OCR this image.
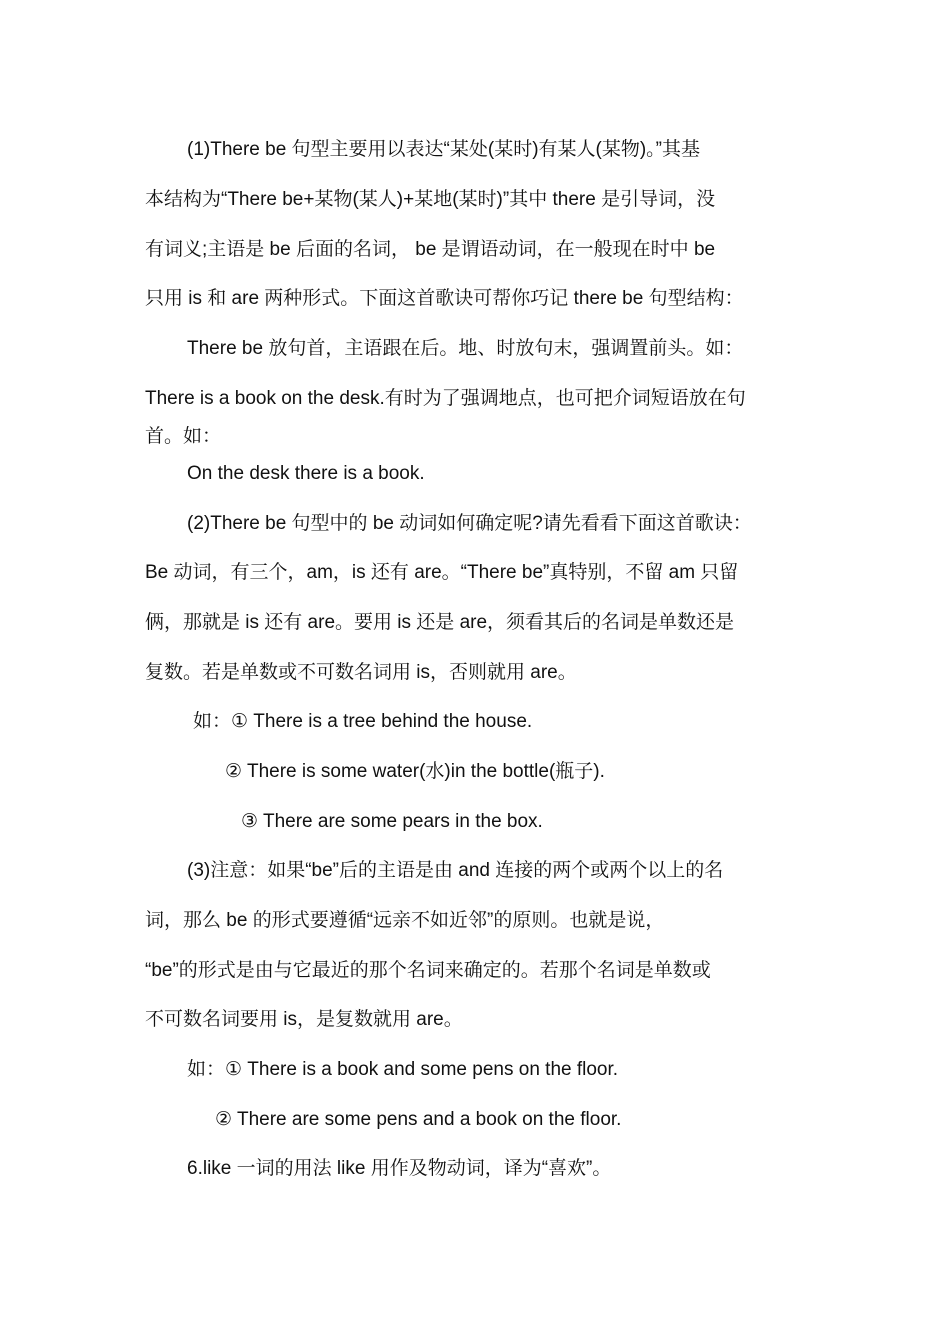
(1)There be 句型主要用以表达“某处(某时)有某人(某物)。”其基

本结构为“There be+某物(某人)+某地(某时)”其中 there 是引导词，没

有词义;主语是 be 后面的名词， be 是谓语动词，在一般现在时中 be

只用 is 和 are 两种形式。下面这首歌诀可帮你巧记 there be 句型结构：

There be 放句首，主语跟在后。地、时放句末，强调置前头。如：

There is a book on the desk.有时为了强调地点，也可把介词短语放在句

首。如：

On the desk there is a book.

(2)There be 句型中的 be 动词如何确定呢?请先看看下面这首歌诀：

Be 动词，有三个，am，is 还有 are。“There be”真特别，不留 am 只留

俩，那就是 is 还有 are。要用 is 还是 are，须看其后的名词是单数还是

复数。若是单数或不可数名词用 is，否则就用 are。

如：① There is a tree behind the house.

② There is some water(水)in the bottle(瓶子).

③ There are some pears in the box.

(3)注意：如果“be”后的主语是由 and 连接的两个或两个以上的名

词，那么 be 的形式要遵循“远亲不如近邻”的原则。也就是说，

“be”的形式是由与它最近的那个名词来确定的。若那个名词是单数或

不可数名词要用 is，是复数就用 are。

如：① There is a book and some pens on the floor.

② There are some pens and a book on the floor.

6.like 一词的用法 like 用作及物动词，译为“喜欢”。
